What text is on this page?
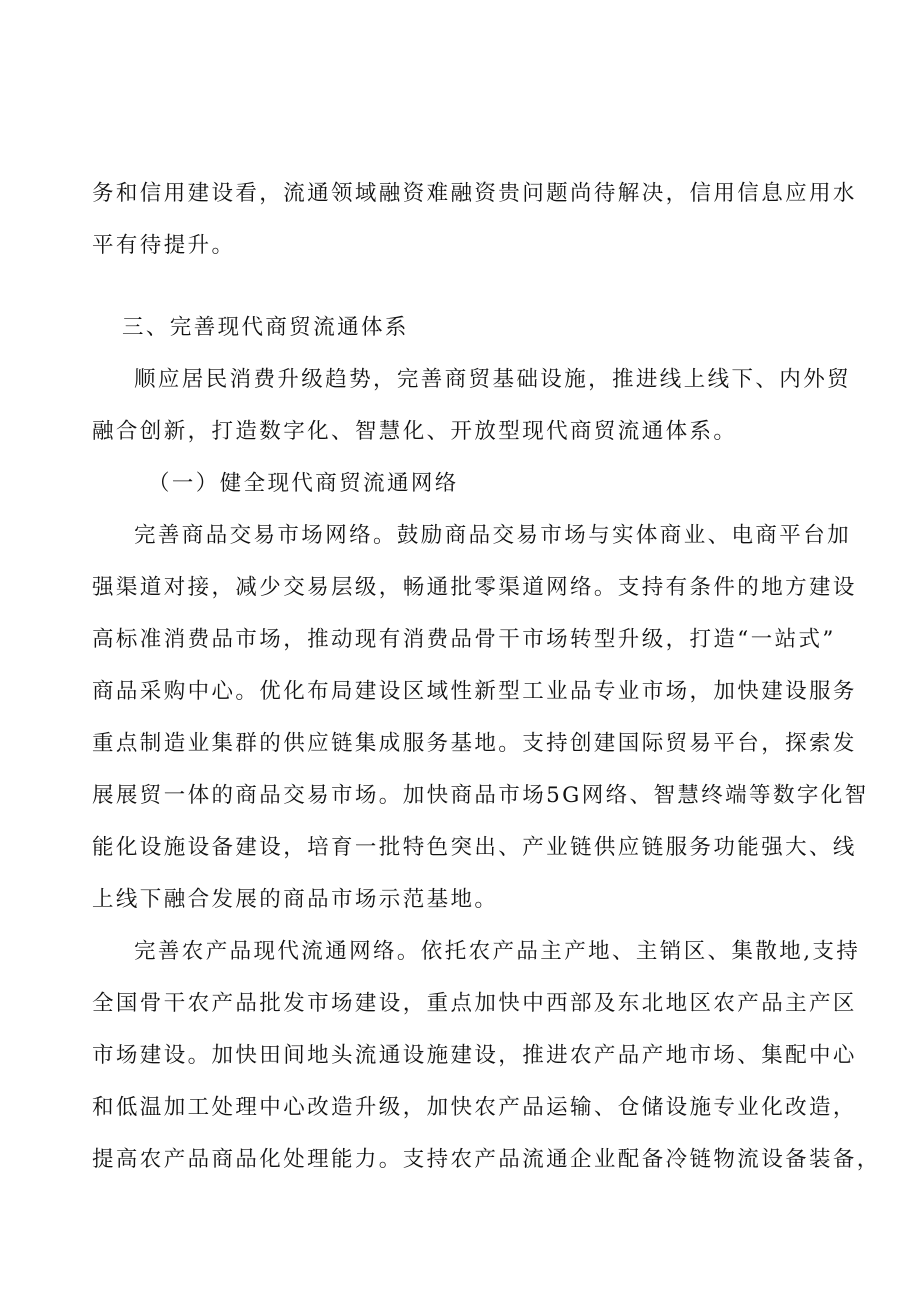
务和信用建设看，流通领域融资难融资贵问题尚待解决，信用信息应用水
平有待提升。
三、完善现代商贸流通体系
顺应居民消费升级趋势，完善商贸基础设施，推进线上线下、内外贸
融合创新，打造数字化、智慧化、开放型现代商贸流通体系。
（一）健全现代商贸流通网络
完善商品交易市场网络。鼓励商品交易市场与实体商业、电商平台加
强渠道对接，减少交易层级，畅通批零渠道网络。支持有条件的地方建设
高标准消费品市场，推动现有消费品骨干市场转型升级，打造“一站式”
商品采购中心。优化布局建设区域性新型工业品专业市场，加快建设服务
重点制造业集群的供应链集成服务基地。支持创建国际贸易平台，探索发
展展贸一体的商品交易市场。加快商品市场5G网络、智慧终端等数字化智
能化设施设备建设，培育一批特色突出、产业链供应链服务功能强大、线
上线下融合发展的商品市场示范基地。
完善农产品现代流通网络。依托农产品主产地、主销区、集散地,支持
全国骨干农产品批发市场建设，重点加快中西部及东北地区农产品主产区
市场建设。加快田间地头流通设施建设，推进农产品产地市场、集配中心
和低温加工处理中心改造升级，加快农产品运输、仓储设施专业化改造，
提高农产品商品化处理能力。支持农产品流通企业配备冷链物流设备装备，
